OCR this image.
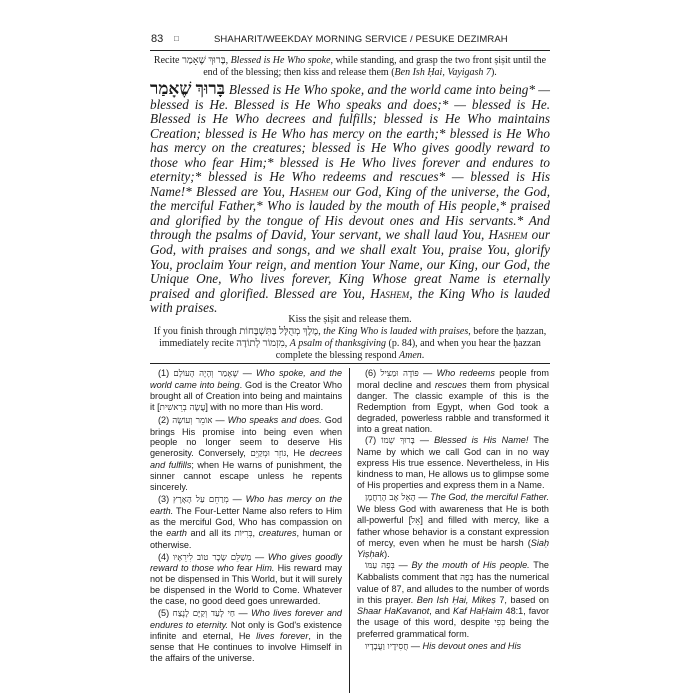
83 □	SHAHARIT/WEEKDAY MORNING SERVICE / PESUKE DEZIMRAH
Recite בָּרוּךְ שֶׁאָמַר, Blessed is He Who spoke, while standing, and grasp the two front ṣiṣit until the end of the blessing; then kiss and release them (Ben Ish Ḥai, Vayigash 7).

בָּרוּךְ שֶׁאָמַר Blessed is He Who spoke, and the world came into being* — blessed is He. Blessed is He Who speaks and does;* — blessed is He. Blessed is He Who decrees and fulfills; blessed is He Who maintains Creation; blessed is He Who has mercy on the earth;* blessed is He Who has mercy on the creatures; blessed is He Who gives goodly reward to those who fear Him;* blessed is He Who lives forever and endures to eternity;* blessed is He Who redeems and rescues* — blessed is His Name!* Blessed are You, Hashem our God, King of the universe, the God, the merciful Father,* Who is lauded by the mouth of His people,* praised and glorified by the tongue of His devout ones and His servants.* And through the psalms of David, Your servant, we shall laud You, Hashem our God, with praises and songs, and we shall exalt You, praise You, glorify You, proclaim Your reign, and mention Your Name, our King, our God, the Unique One, Who lives forever, King Whose great Name is eternally praised and glorified. Blessed are You, Hashem, the King Who is lauded with praises.

Kiss the ṣiṣit and release them.
If you finish through מֶלֶךְ מְהֻלָּל בַּתִּשְׁבָּחוֹת, the King Who is lauded with praises, before the ḥazzan, immediately recite מִזְמוֹר לְתוֹדָה, A psalm of thanksgiving (p. 84), and when you hear the ḥazzan complete the blessing respond Amen.

(1) שֶׁאָמַר וְהָיָה הָעוֹלָם — Who spoke, and the world came into being. God is the Creator Who brought all of Creation into being and maintains it [עֲשָׂה בְרֵאשִׁית] with no more than His word.

(2) אוֹמֵר וְעוֹשֶׂה — Who speaks and does. God brings His promise into being even when people no longer seem to deserve His generosity. Conversely, גּוֹזֵר וּמְקַיֵּם, He decrees and fulfills; when He warns of punishment, the sinner cannot escape unless he repents sincerely.

(3) מְרַחֵם עַל הָאָרֶץ — Who has mercy on the earth. The Four-Letter Name also refers to Him as the merciful God, Who has compassion on the earth and all its בְּרִיּוֹת, creatures, human or otherwise.

(4) מְשַׁלֵּם שָׂכָר טוֹב לִירֵאָיו — Who gives goodly reward to those who fear Him. His reward may not be dispensed in This World, but it will surely be dispensed in the World to Come. Whatever the case, no good deed goes unrewarded.

(5) חַי לָעַד וְקַיָּם לָנֶצַח — Who lives forever and endures to eternity. Not only is God's existence infinite and eternal, He lives forever, in the sense that He continues to involve Himself in the affairs of the universe.

(6) פּוֹדֶה וּמַצִּיל — Who redeems people from moral decline and rescues them from physical danger. The classic example of this is the Redemption from Egypt, when God took a degraded, powerless rabble and transformed it into a great nation.

(7) בָּרוּךְ שְׁמוֹ — Blessed is His Name! The Name by which we call God can in no way express His true essence. Nevertheless, in His kindness to man, He allows us to glimpse some of His properties and express them in a Name.

הָאֵל אָב הָרַחֲמָן — The God, the merciful Father. We bless God with awareness that He is both all-powerful [אֵל] and filled with mercy, like a father whose behavior is a constant expression of mercy, even when he must be harsh (Siaḥ Yiṣḥak).

בְּפֶה עַמּוֹ — By the mouth of His people. The Kabbalists comment that בְּפֶה has the numerical value of 87, and alludes to the number of words in this prayer. Ben Ish Ḥai, Mikeṣ 7, based on Shaar HaKavanot, and Kaf HaḤaim 48:1, favor the usage of this word, despite בְּפִי being the preferred grammatical form.

חֲסִידָיו וַעֲבָדָיו — His devout ones and His
